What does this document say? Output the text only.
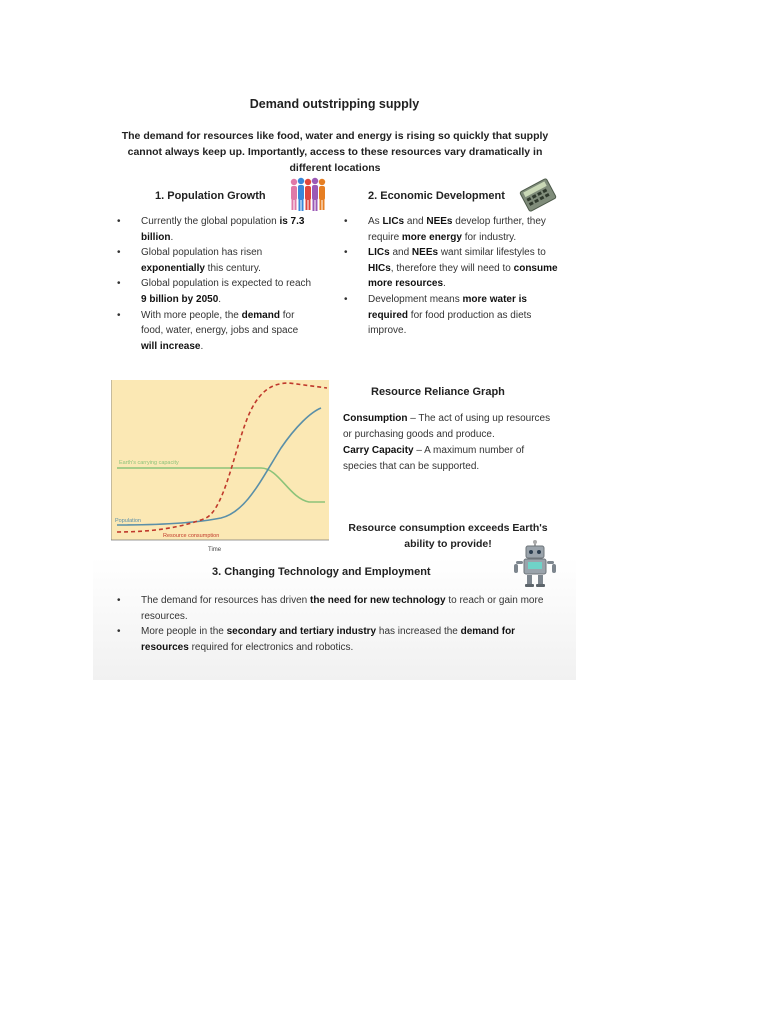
Demand outstripping supply
The demand for resources like food, water and energy is rising so quickly that supply cannot always keep up. Importantly, access to these resources vary dramatically in different locations
1. Population Growth
• Currently the global population is 7.3 billion.
• Global population has risen exponentially this century.
• Global population is expected to reach 9 billion by 2050.
• With more people, the demand for food, water, energy, jobs and space will increase.
2. Economic Development
• As LICs and NEEs develop further, they require more energy for industry.
• LICs and NEEs want similar lifestyles to HICs, therefore they will need to consume more resources.
• Development means more water is required for food production as diets improve.
Earth's carrying capacity
Population
Resource consumption
Time
Resource Reliance Graph
Consumption – The act of using up resources or purchasing goods and produce.
Carry Capacity – A maximum number of species that can be supported.
Resource consumption exceeds Earth's ability to provide!
3. Changing Technology and Employment
• The demand for resources has driven the need for new technology to reach or gain more resources.
• More people in the secondary and tertiary industry has increased the demand for resources required for electronics and robotics.
